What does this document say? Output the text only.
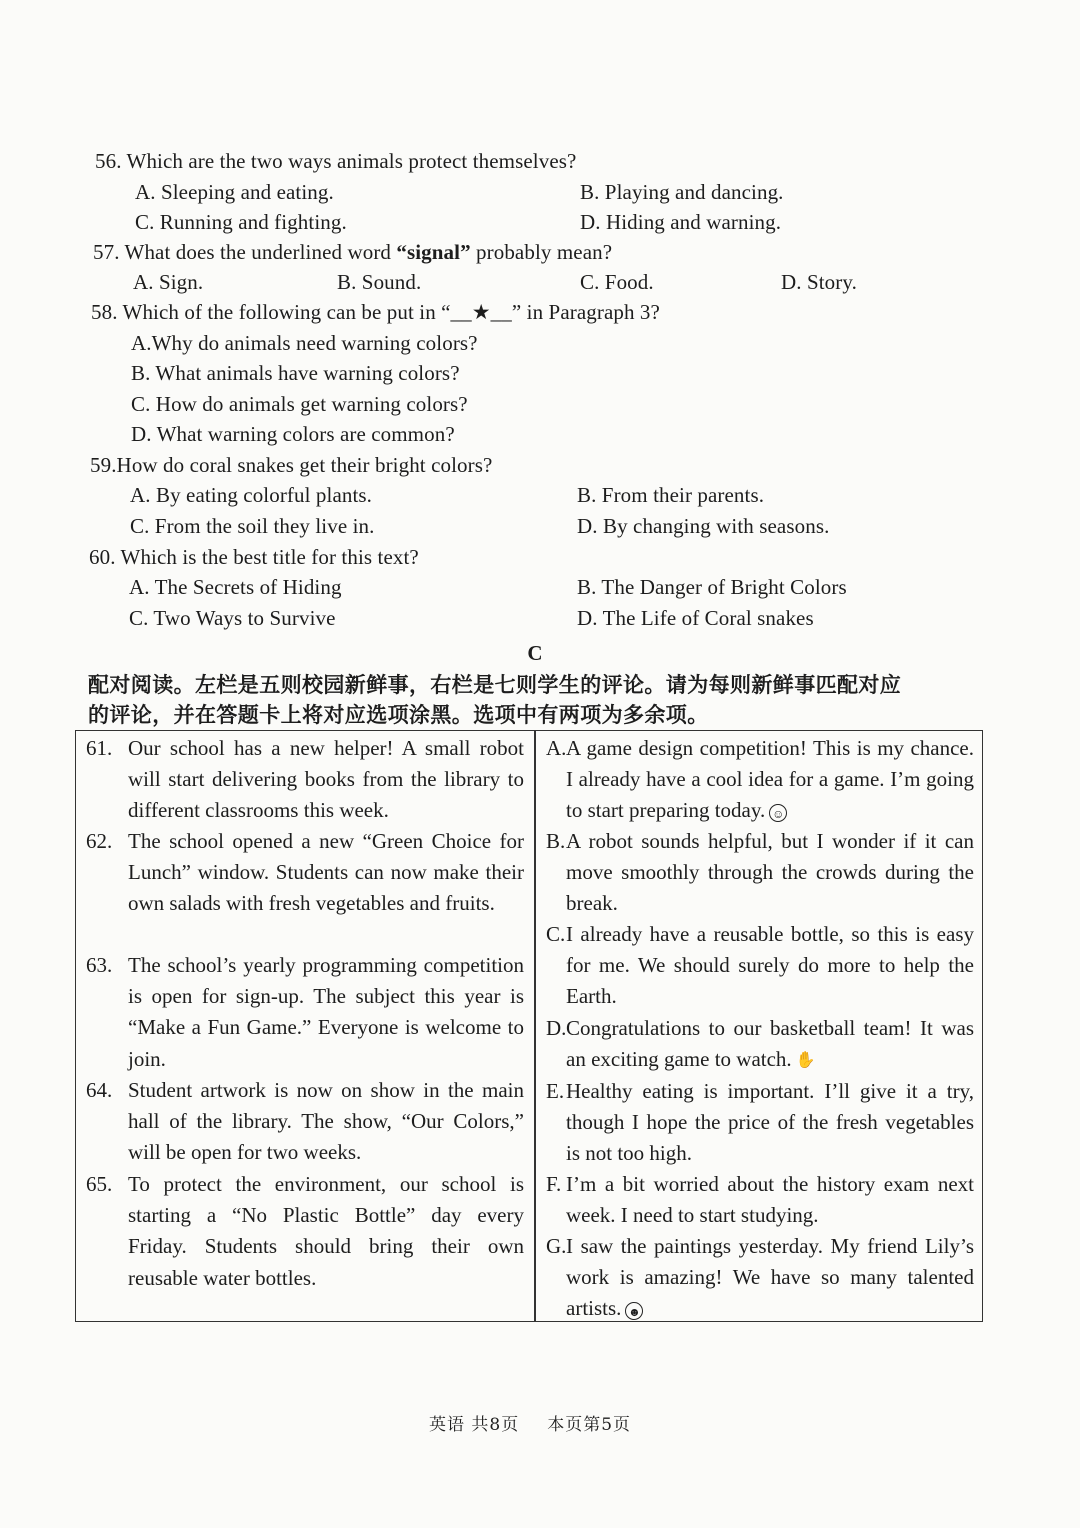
56. Which are the two ways animals protect themselves?
A. Sleeping and eating.	B. Playing and dancing.
C. Running and fighting.	D. Hiding and warning.
57. What does the underlined word “signal” probably mean?
A. Sign.	B. Sound.	C. Food.	D. Story.
58. Which of the following can be put in “__★__” in Paragraph 3?
A.Why do animals need warning colors?
B. What animals have warning colors?
C. How do animals get warning colors?
D. What warning colors are common?
59.How do coral snakes get their bright colors?
A. By eating colorful plants.	B. From their parents.
C. From the soil they live in.	D. By changing with seasons.
60. Which is the best title for this text?
A. The Secrets of Hiding	B. The Danger of Bright Colors
C. Two Ways to Survive	D. The Life of Coral snakes
C
配对阅读。左栏是五则校园新鲜事，右栏是七则学生的评论。请为每则新鲜事匹配对应
的评论，并在答题卡上将对应选项涂黑。选项中有两项为多余项。
61. Our school has a new helper! A small robot will start delivering books from the library to different classrooms this week.
62. The school opened a new “Green Choice for Lunch” window. Students can now make their own salads with fresh vegetables and fruits.
63. The school’s yearly programming competition is open for sign-up. The subject this year is “Make a Fun Game.” Everyone is welcome to join.
64. Student artwork is now on show in the main hall of the library. The show, “Our Colors,” will be open for two weeks.
65. To protect the environment, our school is starting a “No Plastic Bottle” day every Friday. Students should bring their own reusable water bottles.
A. A game design competition! This is my chance. I already have a cool idea for a game. I’m going to start preparing today. ☺
B. A robot sounds helpful, but I wonder if it can move smoothly through the crowds during the break.
C. I already have a reusable bottle, so this is easy for me. We should surely do more to help the Earth.
D. Congratulations to our basketball team! It was an exciting game to watch. ✋
E. Healthy eating is important. I’ll give it a try, though I hope the price of the fresh vegetables is not too high.
F. I’m a bit worried about the history exam next week. I need to start studying.
G. I saw the paintings yesterday. My friend Lily’s work is amazing! We have so many talented artists. ☻
英语 共8页 本页第5页
